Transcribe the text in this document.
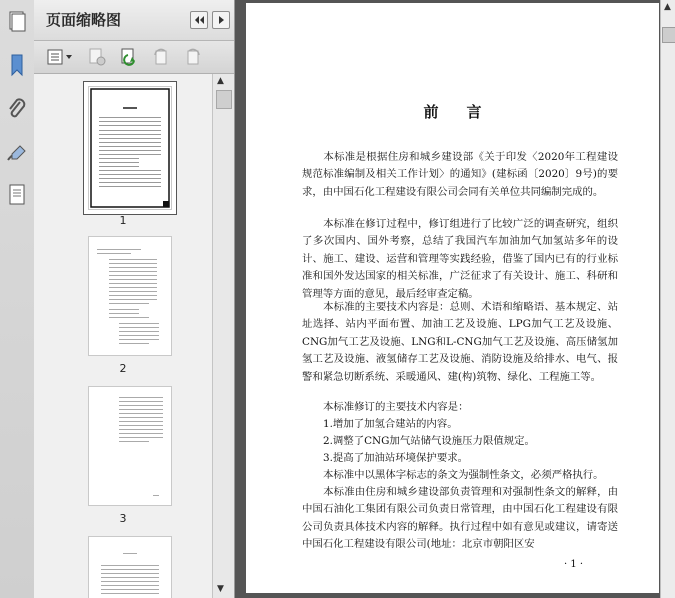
页面缩略图
1
2
3
▲
▼
前言
本标准是根据住房和城乡建设部《关于印发〈2020年工程建设规范标准编制及相关工作计划〉的通知》(建标函〔2020〕9号)的要求，由中国石化工程建设有限公司会同有关单位共同编制完成的。
本标准在修订过程中，修订组进行了比较广泛的调查研究，组织了多次国内、国外考察，总结了我国汽车加油加气加氢站多年的设计、施工、建设、运营和管理等实践经验，借鉴了国内已有的行业标准和国外发达国家的相关标准，广泛征求了有关设计、施工、科研和管理等方面的意见，最后经审查定稿。
本标准的主要技术内容是：总则、术语和缩略语、基本规定、站址选择、站内平面布置、加油工艺及设施、LPG加气工艺及设施、CNG加气工艺及设施、LNG和L-CNG加气工艺及设施、高压储氢加氢工艺及设施、液氢储存工艺及设施、消防设施及给排水、电气、报警和紧急切断系统、采暖通风、建(构)筑物、绿化、工程施工等。
本标准修订的主要技术内容是：
1.增加了加氢合建站的内容。
2.调整了CNG加气站储气设施压力限值规定。
3.提高了加油站环境保护要求。
本标准中以黑体字标志的条文为强制性条文，必须严格执行。
本标准由住房和城乡建设部负责管理和对强制性条文的解释，由中国石油化工集团有限公司负责日常管理，由中国石化工程建设有限公司负责具体技术内容的解释。执行过程中如有意见或建议，请寄送中国石化工程建设有限公司(地址：北京市朝阳区安
· 1 ·
▲
